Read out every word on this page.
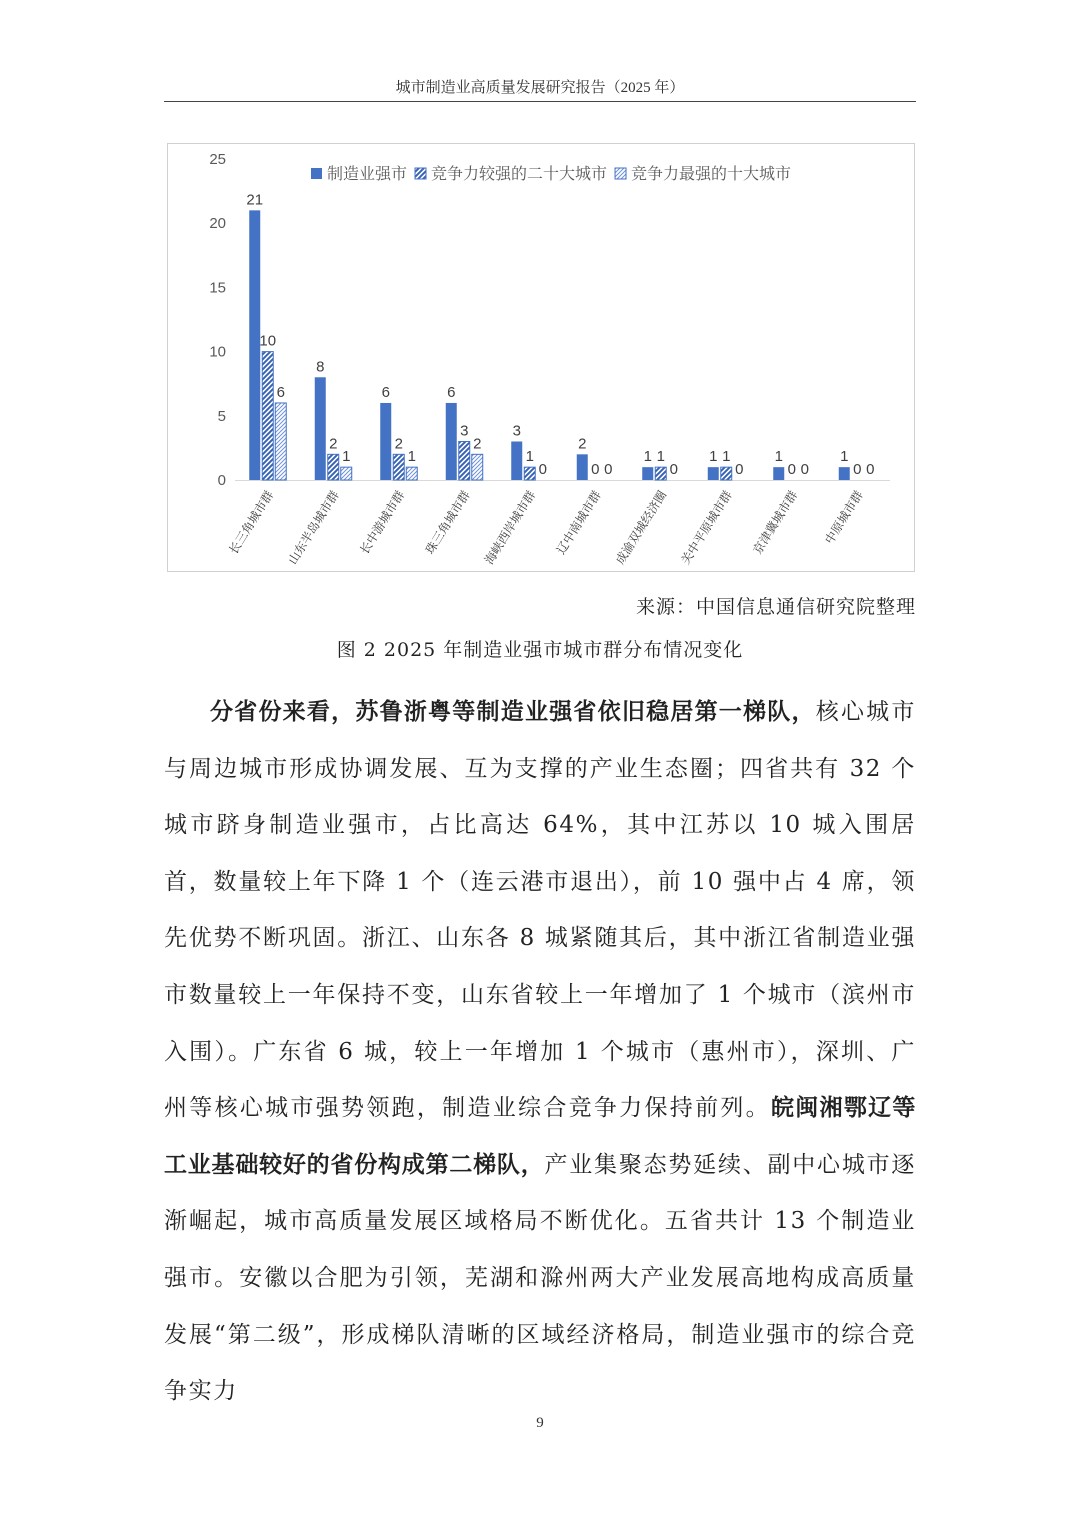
城市制造业高质量发展研究报告（2025 年）
0
5
10
15
20
25
21
10
6
长三角城市群
8
2
1
山东半岛城市群
6
2
1
长中游城市群
6
3
2
珠三角城市群
3
1
0
海峡西岸城市群
2
0 0
辽中南城市群
1 1
0
成渝双城经济圈
1 1
0
关中平原城市群
1
0 0
京津冀城市群
1
0 0
中原城市群
制造业强市 竞争力较强的二十大城市 竞争力最强的十大城市
来源：中国信息通信研究院整理
图 2 2025 年制造业强市城市群分布情况变化

分省份来看，苏鲁浙粤等制造业强省依旧稳居第一梯队，核心城市与周边城市形成协调发展、互为支撑的产业生态圈；四省共有 32 个城市跻身制造业强市，占比高达 64%，其中江苏以 10 城入围居首，数量较上年下降 1 个（连云港市退出），前 10 强中占 4 席，领先优势不断巩固。浙江、山东各 8 城紧随其后，其中浙江省制造业强市数量较上一年保持不变，山东省较上一年增加了 1 个城市（滨州市入围）。广东省 6 城，较上一年增加 1 个城市（惠州市），深圳、广州等核心城市强势领跑，制造业综合竞争力保持前列。皖闽湘鄂辽等工业基础较好的省份构成第二梯队，产业集聚态势延续、副中心城市逐渐崛起，城市高质量发展区域格局不断优化。五省共计 13 个制造业强市。安徽以合肥为引领，芜湖和滁州两大产业发展高地构成高质量发展“第二级”，形成梯队清晰的区域经济格局，制造业强市的综合竞争实力

9
